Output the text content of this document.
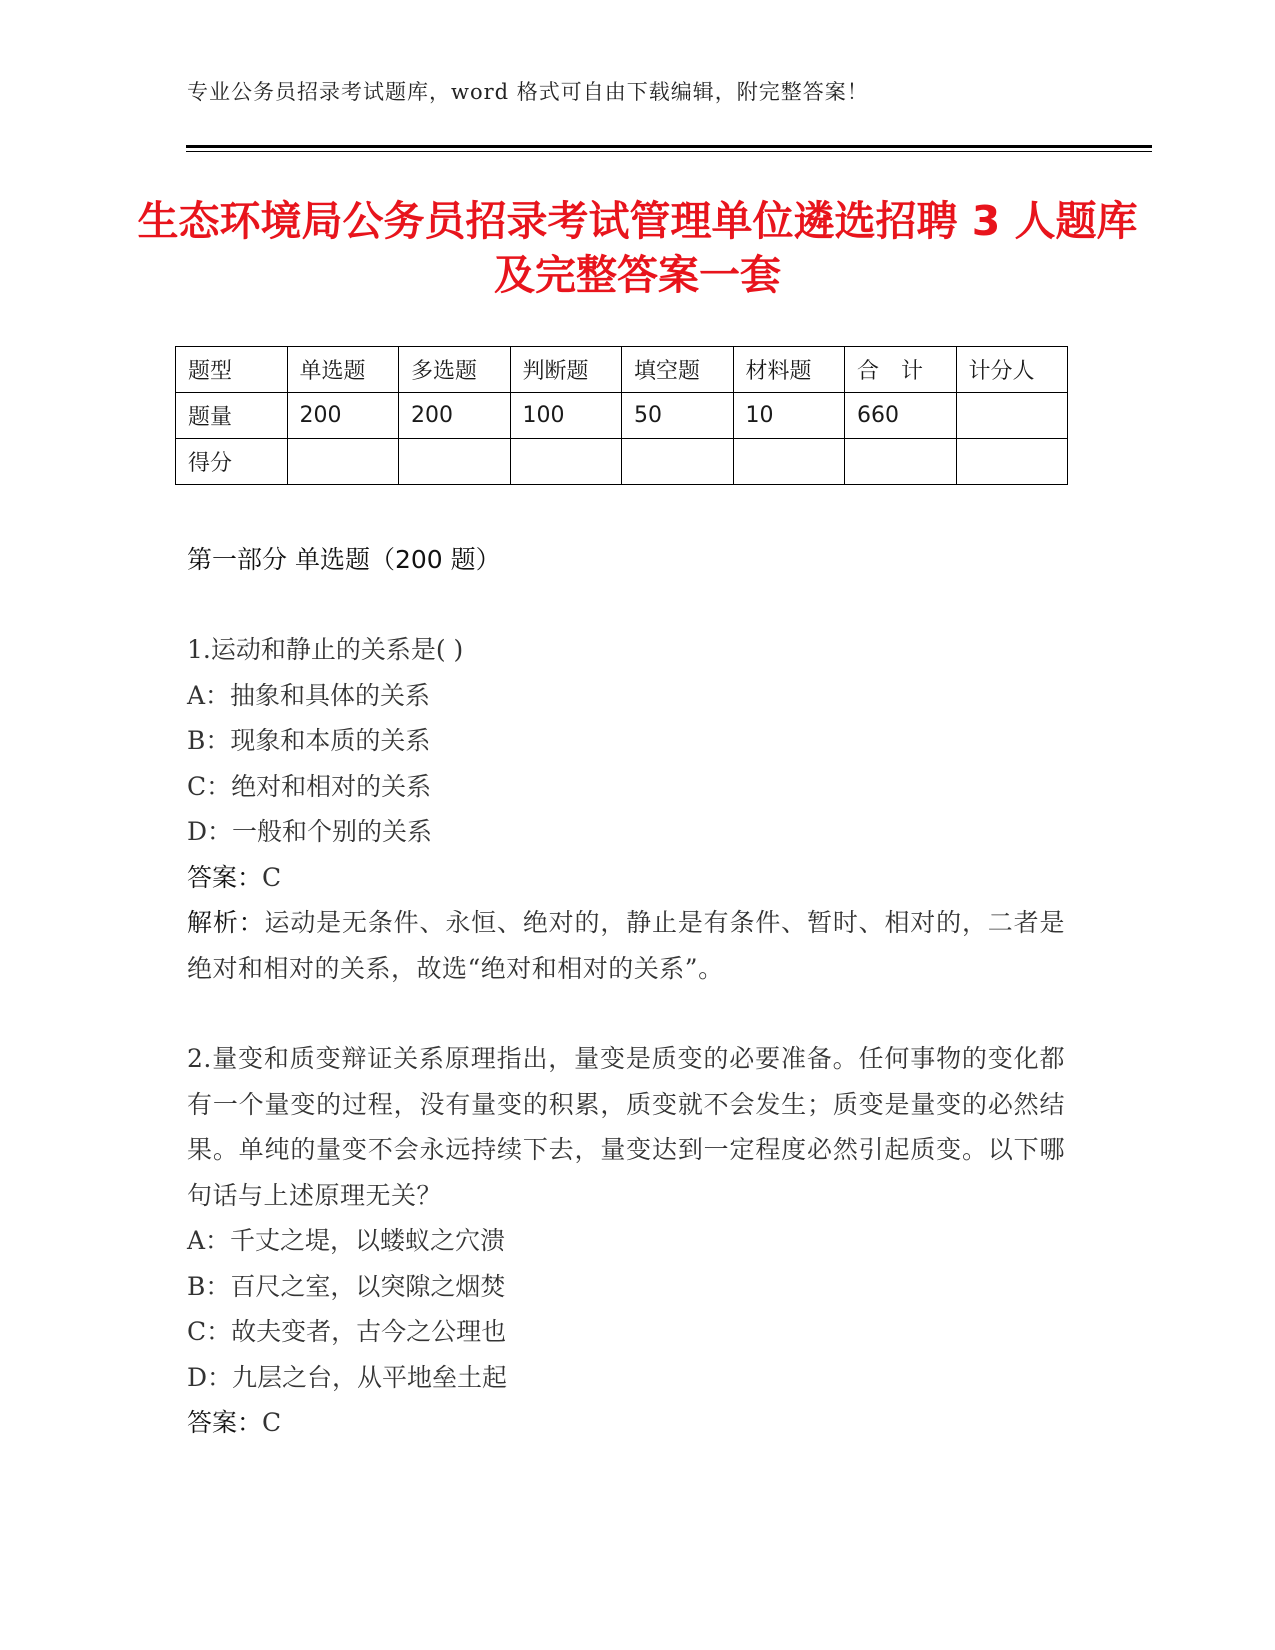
专业公务员招录考试题库，word 格式可自由下载编辑，附完整答案！
生态环境局公务员招录考试管理单位遴选招聘 3 人题库及完整答案一套
题型	单选题	多选题	判断题	填空题	材料题	合　计	计分人
题量	200	200	100	50	10	660	
得分							
第一部分 单选题（200 题）
1.运动和静止的关系是( )
A：抽象和具体的关系
B：现象和本质的关系
C：绝对和相对的关系
D：一般和个别的关系
答案：C
解析：运动是无条件、永恒、绝对的，静止是有条件、暂时、相对的，二者是绝对和相对的关系，故选“绝对和相对的关系”。
2.量变和质变辩证关系原理指出，量变是质变的必要准备。任何事物的变化都有一个量变的过程，没有量变的积累，质变就不会发生；质变是量变的必然结果。单纯的量变不会永远持续下去，量变达到一定程度必然引起质变。以下哪句话与上述原理无关？
A：千丈之堤，以蝼蚁之穴溃
B：百尺之室，以突隙之烟焚
C：故夫变者，古今之公理也
D：九层之台，从平地垒土起
答案：C
